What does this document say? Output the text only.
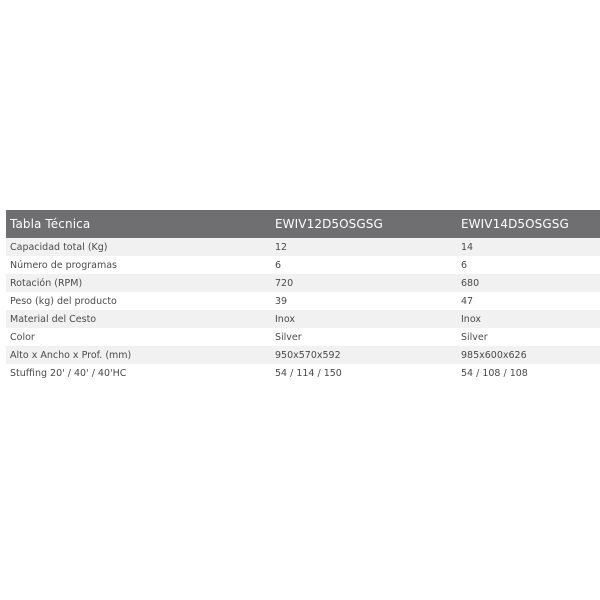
Tabla Técnica	EWIV12D5OSGSG	EWIV14D5OSGSG
Capacidad total (Kg)	12	14
Número de programas	6	6
Rotación (RPM)	720	680
Peso (kg) del producto	39	47
Material del Cesto	Inox	Inox
Color	Silver	Silver
Alto x Ancho x Prof. (mm)	950x570x592	985x600x626
Stuffing 20' / 40' / 40'HC	54 / 114 / 150	54 / 108 / 108
